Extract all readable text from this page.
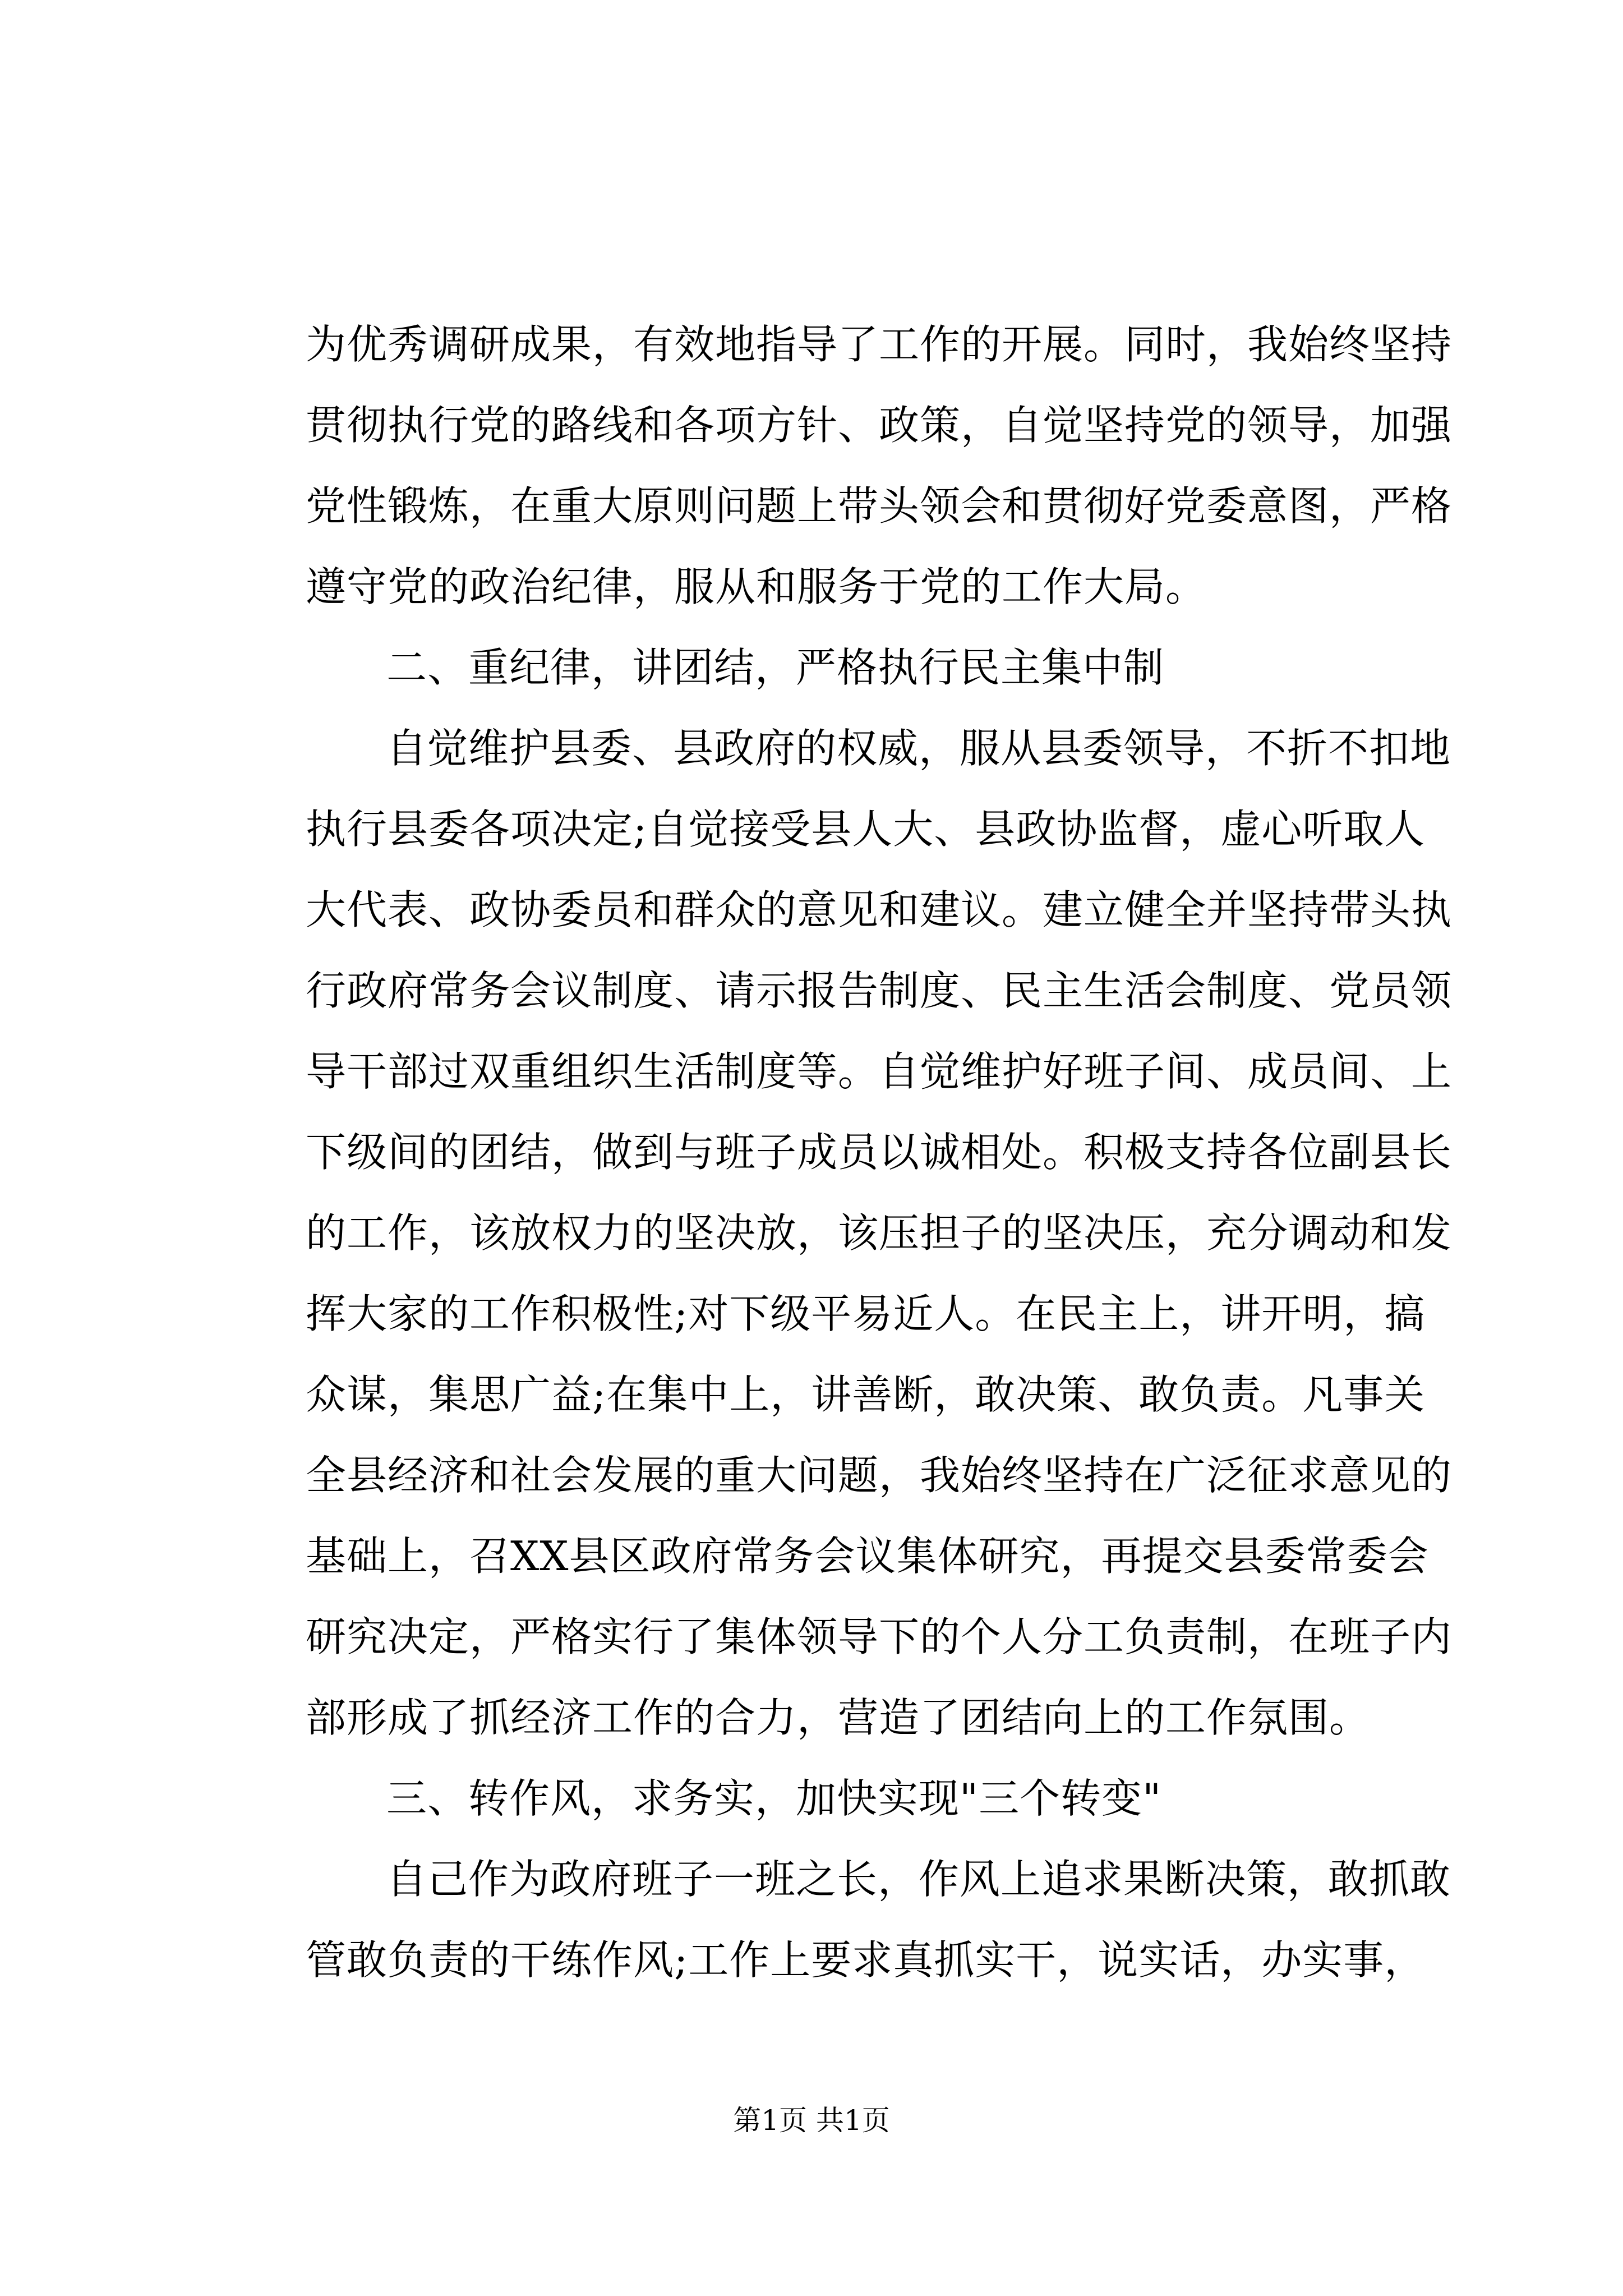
为优秀调研成果，有效地指导了工作的开展。同时，我始终坚持
贯彻执行党的路线和各项方针、政策，自觉坚持党的领导，加强
党性锻炼，在重大原则问题上带头领会和贯彻好党委意图，严格
遵守党的政治纪律，服从和服务于党的工作大局。
二、重纪律，讲团结，严格执行民主集中制
自觉维护县委、县政府的权威，服从县委领导，不折不扣地
执行县委各项决定;自觉接受县人大、县政协监督，虚心听取人
大代表、政协委员和群众的意见和建议。建立健全并坚持带头执
行政府常务会议制度、请示报告制度、民主生活会制度、党员领
导干部过双重组织生活制度等。自觉维护好班子间、成员间、上
下级间的团结，做到与班子成员以诚相处。积极支持各位副县长
的工作，该放权力的坚决放，该压担子的坚决压，充分调动和发
挥大家的工作积极性;对下级平易近人。在民主上，讲开明，搞
众谋，集思广益;在集中上，讲善断，敢决策、敢负责。凡事关
全县经济和社会发展的重大问题，我始终坚持在广泛征求意见的
基础上，召XX县区政府常务会议集体研究，再提交县委常委会
研究决定，严格实行了集体领导下的个人分工负责制，在班子内
部形成了抓经济工作的合力，营造了团结向上的工作氛围。
三、转作风，求务实，加快实现"三个转变"
自己作为政府班子一班之长，作风上追求果断决策，敢抓敢
管敢负责的干练作风;工作上要求真抓实干，说实话，办实事，
第1页 共1页
